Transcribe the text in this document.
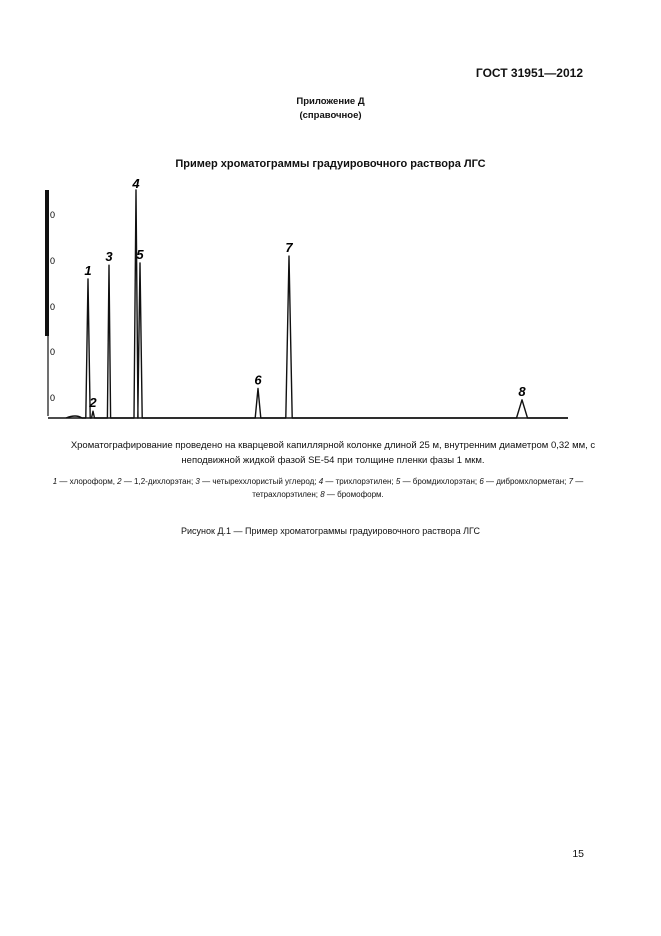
ГОСТ 31951—2012
Приложение Д
(справочное)
Пример хроматограммы градуировочного раствора ЛГС
0
0
0
0
0
1
2
3
4
5
6
7
8
Хроматографирование проведено на кварцевой капиллярной колонке длиной 25 м, внутренним диаметром 0,32 мм, с неподвижной жидкой фазой SE-54 при толщине пленки фазы 1 мкм.
1 — хлороформ, 2 — 1,2-дихлорэтан; 3 — четыреххлористый углерод; 4 — трихлорэтилен; 5 — бромдихлорэтан; 6 — дибромхлорметан; 7 — тетрахлорэтилен; 8 — бромоформ.
Рисунок Д.1 — Пример хроматограммы градуировочного раствора ЛГС
15
